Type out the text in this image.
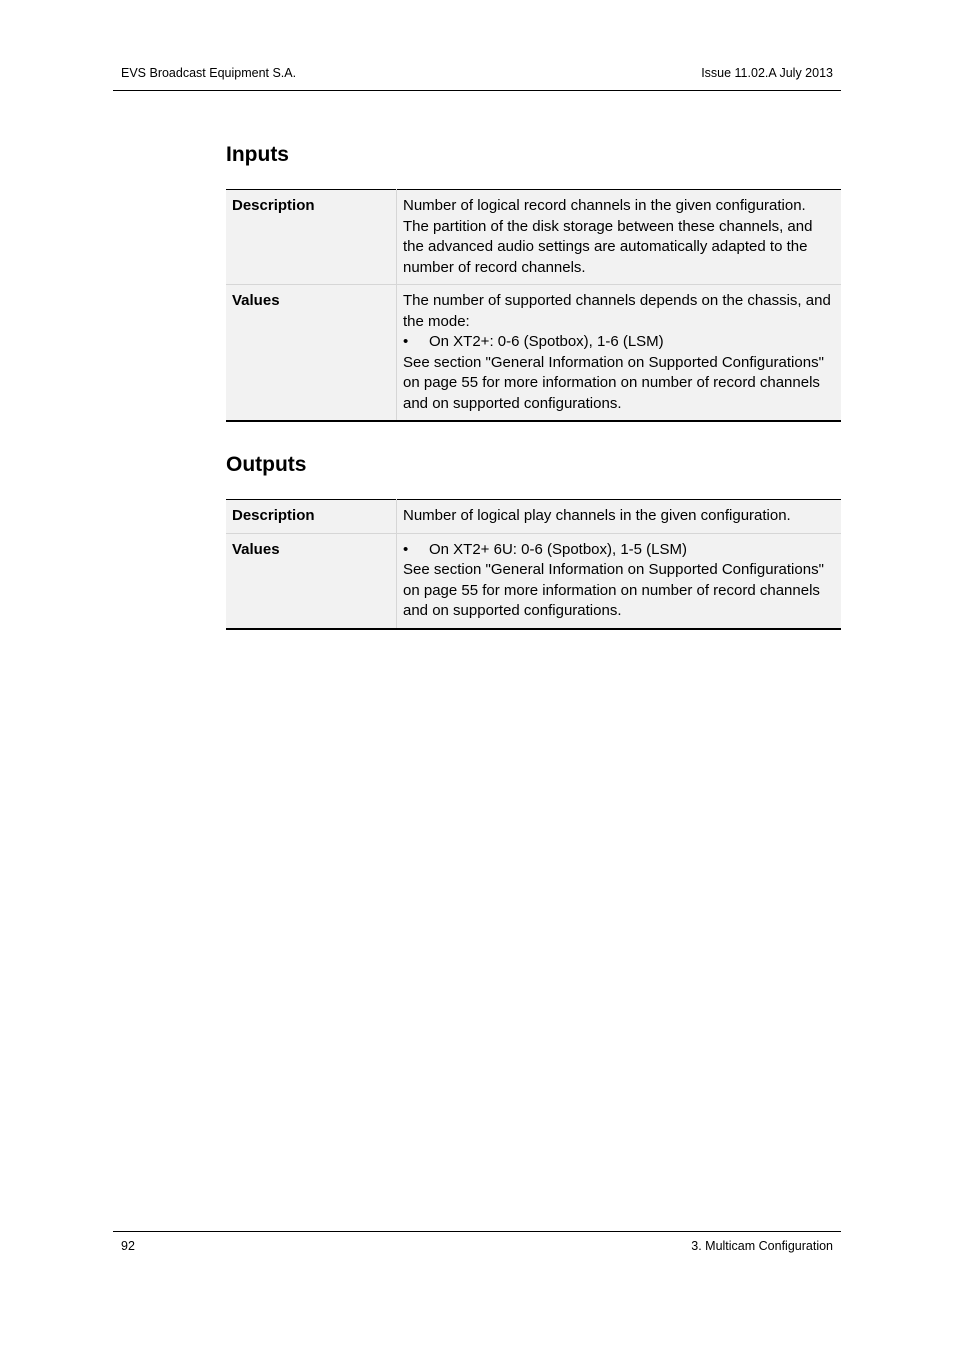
EVS Broadcast Equipment S.A.	Issue 11.02.A July 2013
Inputs
Description	Number of logical record channels in the given configuration. The partition of the disk storage between these channels, and the advanced audio settings are automatically adapted to the number of record channels.
Values	The number of supported channels depends on the chassis, and the mode:
• On XT2+: 0-6 (Spotbox), 1-6 (LSM)
See section "General Information on Supported Configurations" on page 55 for more information on number of record channels and on supported configurations.
Outputs
Description	Number of logical play channels in the given configuration.
Values	• On XT2+ 6U: 0-6 (Spotbox), 1-5 (LSM)
See section "General Information on Supported Configurations" on page 55 for more information on number of record channels and on supported configurations.
92	3. Multicam Configuration
